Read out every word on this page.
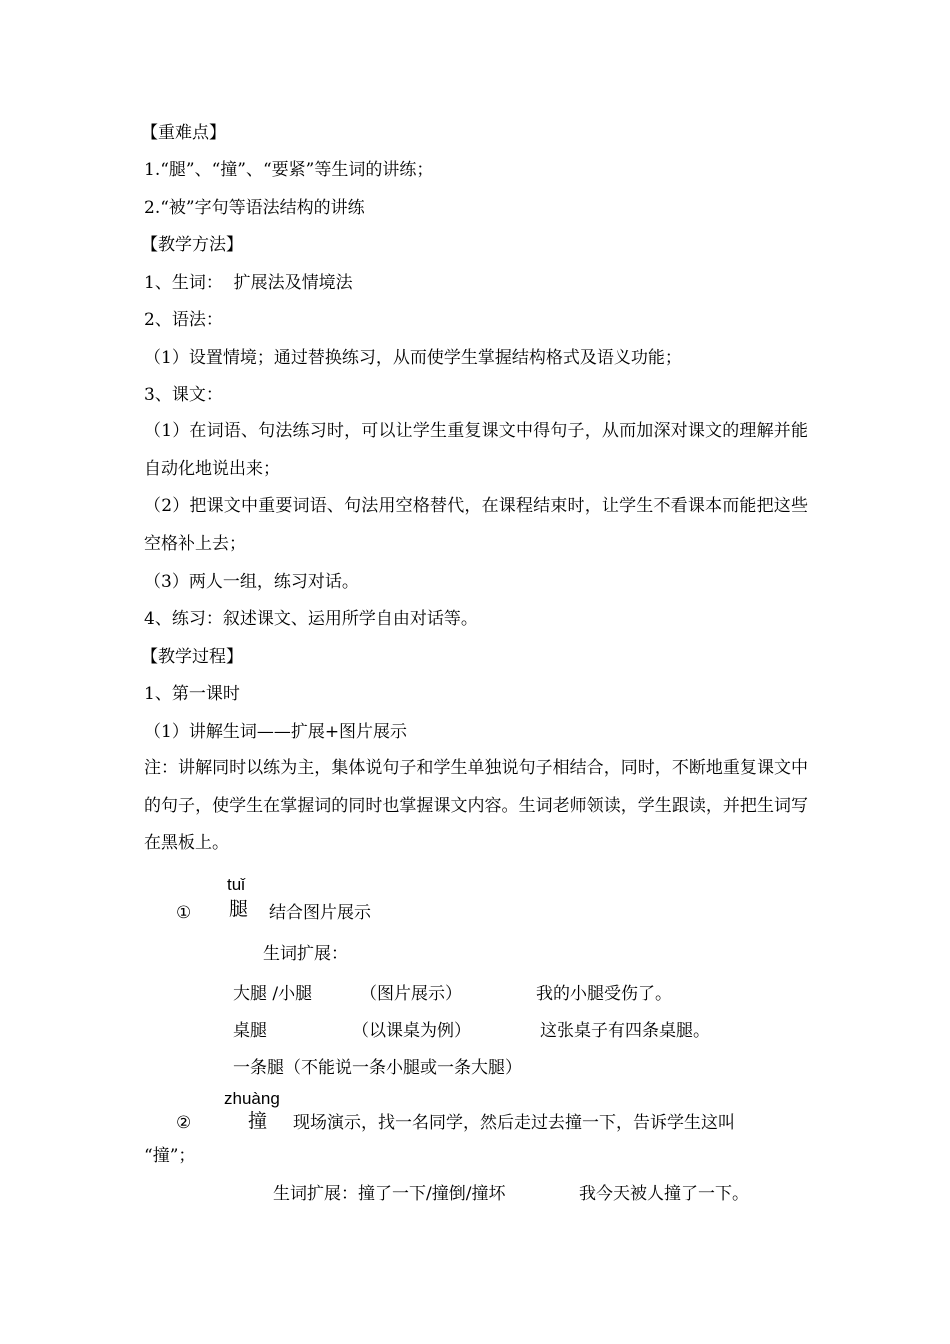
【重难点】
1.“腿”、“撞”、“要紧”等生词的讲练；
2.“被”字句等语法结构的讲练
【教学方法】
1、生词：  扩展法及情境法
2、语法：
（1）设置情境；通过替换练习，从而使学生掌握结构格式及语义功能；
3、课文：
（1）在词语、句法练习时，可以让学生重复课文中得句子，从而加深对课文的理解并能自动化地说出来；
（2）把课文中重要词语、句法用空格替代，在课程结束时，让学生不看课本而能把这些空格补上去；
（3）两人一组，练习对话。
4、练习：叙述课文、运用所学自由对话等。
【教学过程】
1、第一课时
（1）讲解生词——扩展+图片展示
注：讲解同时以练为主，集体说句子和学生单独说句子相结合，同时，不断地重复课文中的句子，使学生在掌握词的同时也掌握课文内容。生词老师领读，学生跟读，并把生词写在黑板上。
tuǐ
① 腿 结合图片展示
生词扩展：
大腿 /小腿	（图片展示）	我的小腿受伤了。
桌腿	（以课桌为例）	这张桌子有四条桌腿。
一条腿（不能说一条小腿或一条大腿）
zhuàng
②	撞 现场演示，找一名同学，然后走过去撞一下，告诉学生这叫
“撞”；
生词扩展：撞了一下/撞倒/撞坏	我今天被人撞了一下。
